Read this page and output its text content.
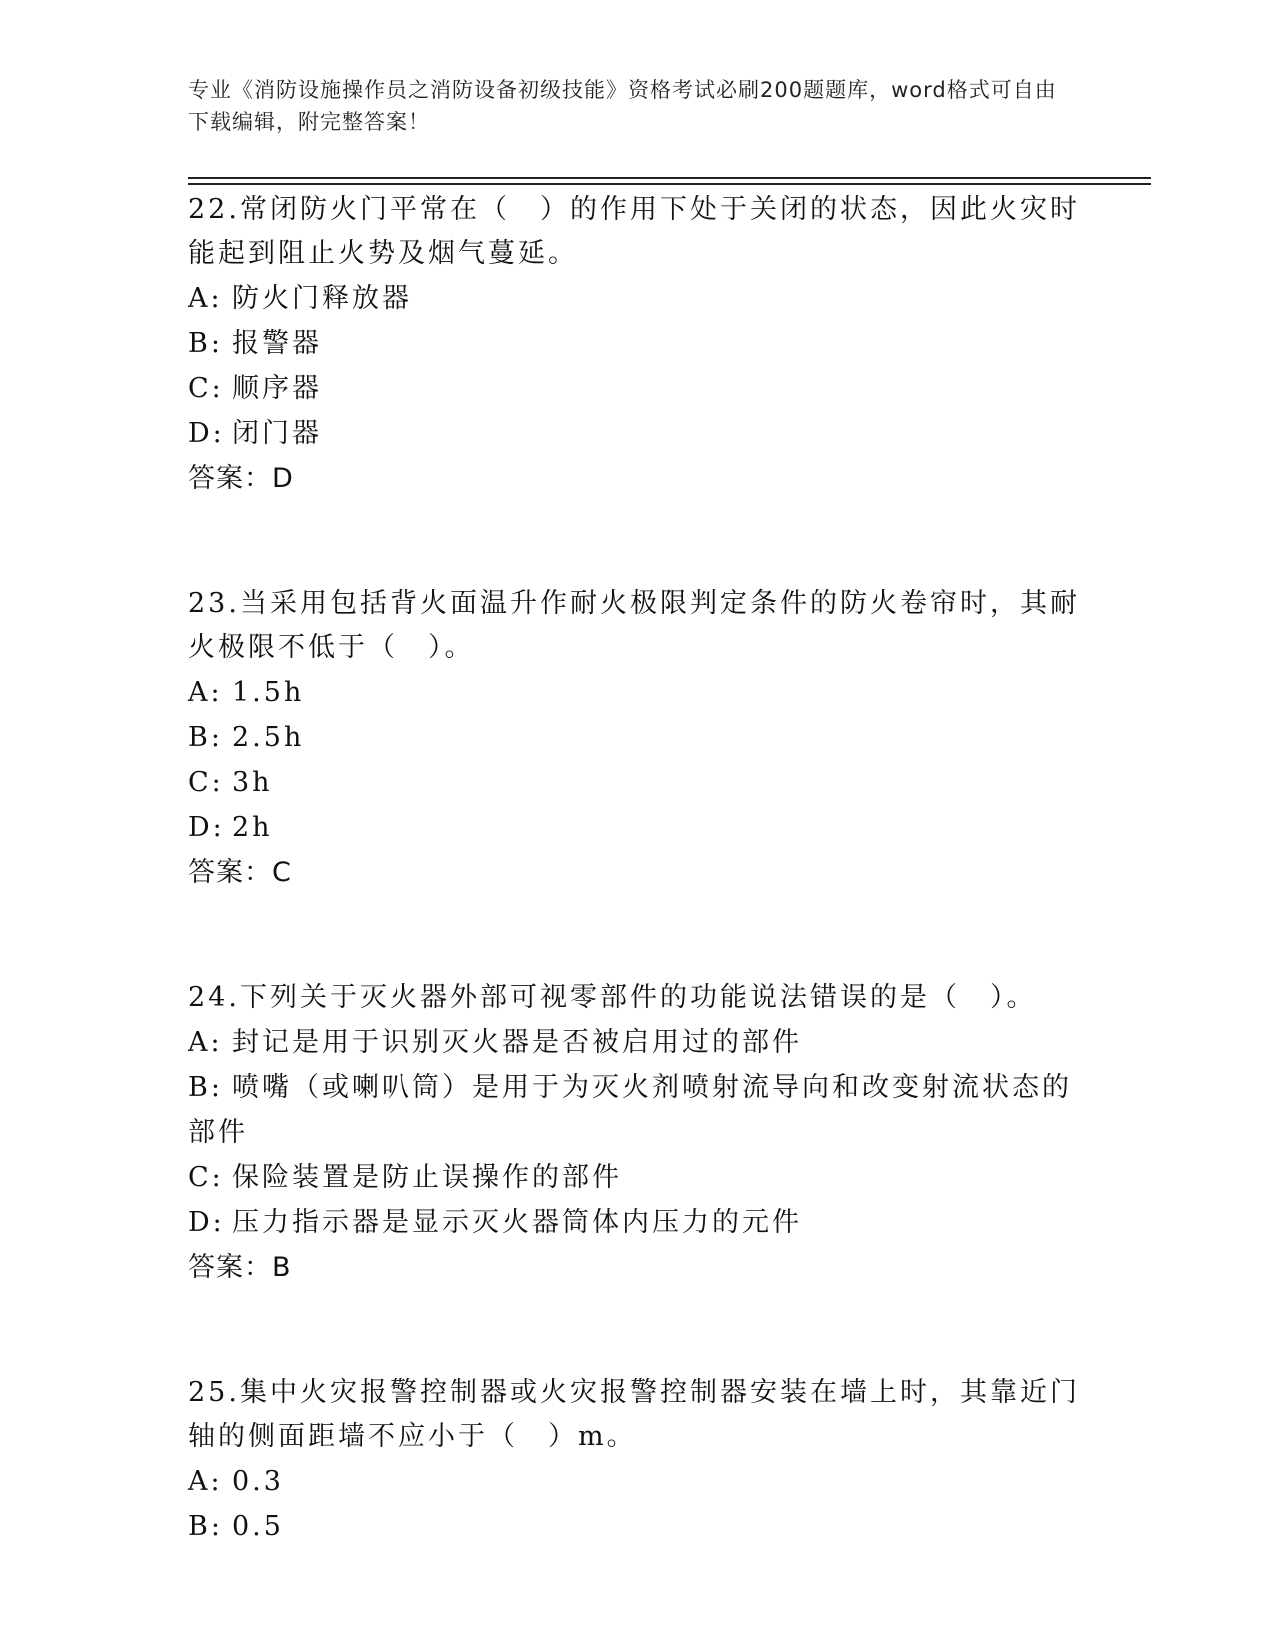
专业《消防设施操作员之消防设备初级技能》资格考试必刷200题题库，word格式可自由下载编辑，附完整答案！
22.常闭防火门平常在（　）的作用下处于关闭的状态，因此火灾时能起到阻止火势及烟气蔓延。
A: 防火门释放器
B: 报警器
C: 顺序器
D: 闭门器
答案：D
23.当采用包括背火面温升作耐火极限判定条件的防火卷帘时，其耐火极限不低于（　）。
A: 1.5h
B: 2.5h
C: 3h
D: 2h
答案：C
24.下列关于灭火器外部可视零部件的功能说法错误的是（　）。
A: 封记是用于识别灭火器是否被启用过的部件
B: 喷嘴（或喇叭筒）是用于为灭火剂喷射流导向和改变射流状态的部件
C: 保险装置是防止误操作的部件
D: 压力指示器是显示灭火器筒体内压力的元件
答案：B
25.集中火灾报警控制器或火灾报警控制器安装在墙上时，其靠近门轴的侧面距墙不应小于（　）m。
A: 0.3
B: 0.5
